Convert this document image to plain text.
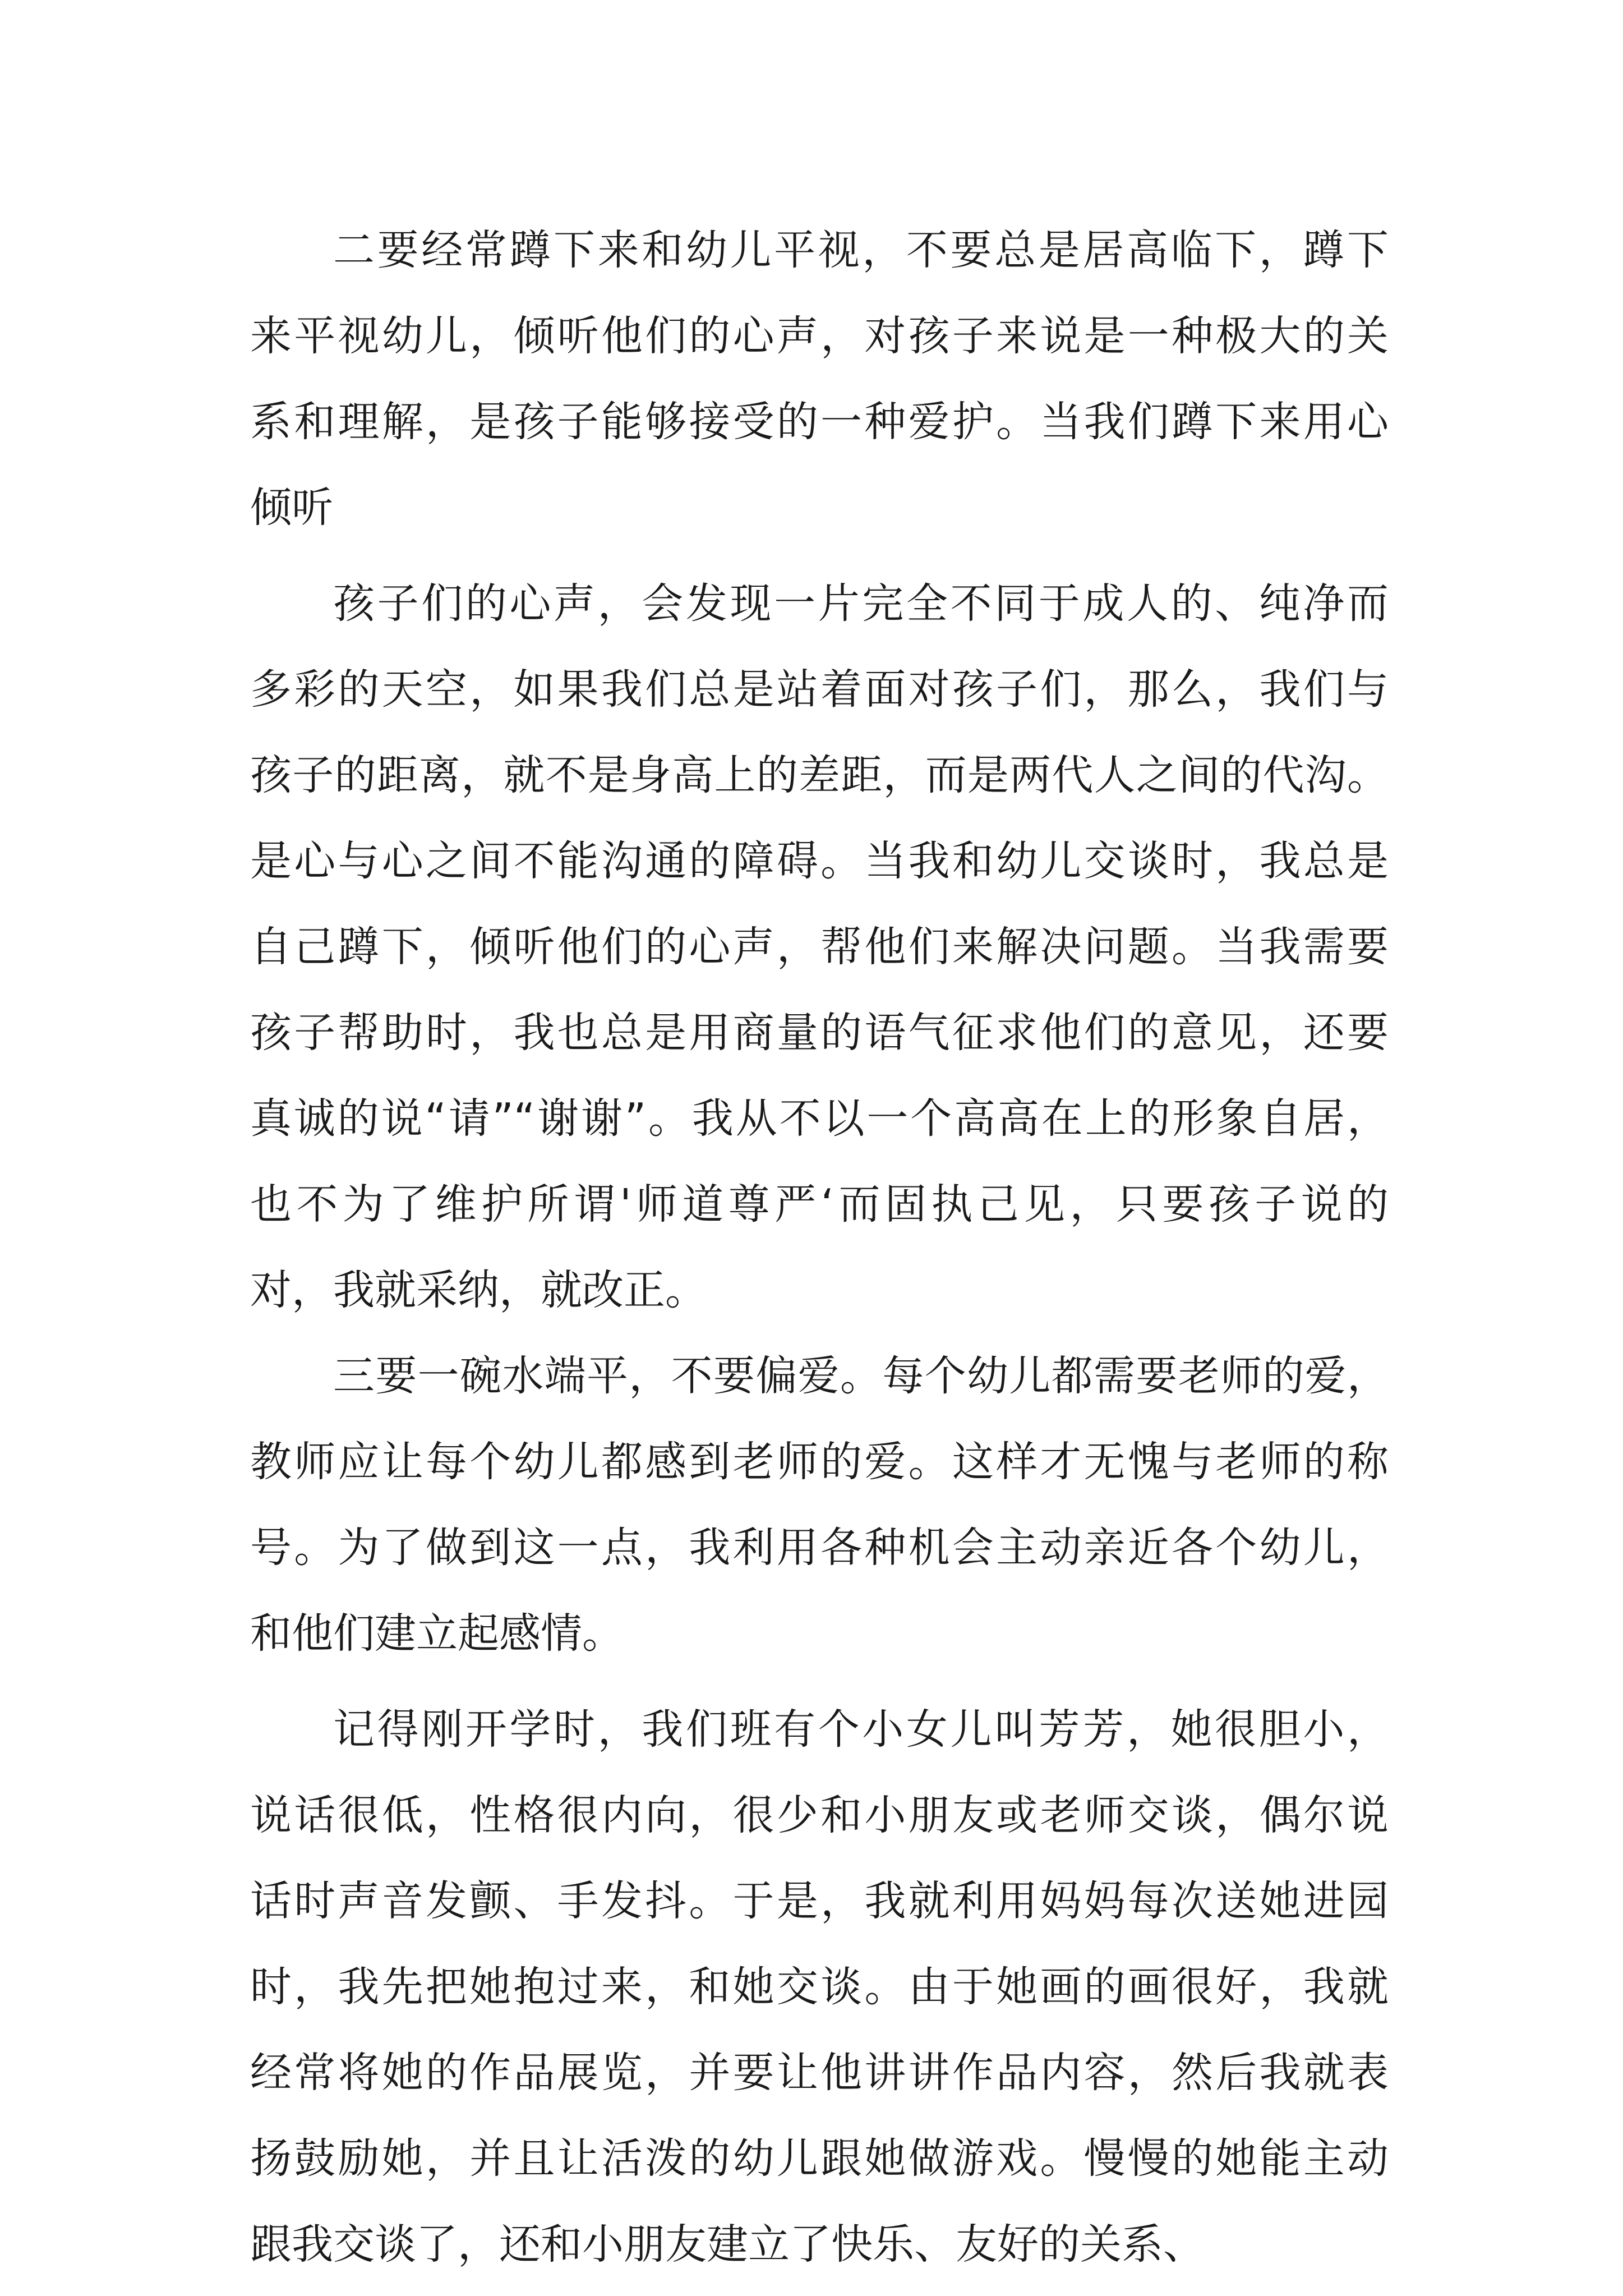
二要经常蹲下来和幼儿平视，不要总是居高临下，蹲下
来平视幼儿，倾听他们的心声，对孩子来说是一种极大的关
系和理解，是孩子能够接受的一种爱护。当我们蹲下来用心
倾听
孩子们的心声，会发现一片完全不同于成人的、纯净而
多彩的天空，如果我们总是站着面对孩子们，那么，我们与
孩子的距离，就不是身高上的差距，而是两代人之间的代沟。
是心与心之间不能沟通的障碍。当我和幼儿交谈时，我总是
自己蹲下，倾听他们的心声，帮他们来解决问题。当我需要
孩子帮助时，我也总是用商量的语气征求他们的意见，还要
真诚的说“请”“谢谢”。我从不以一个高高在上的形象自居，
也不为了维护所谓'师道尊严‘而固执己见，只要孩子说的
对，我就采纳，就改正。
三要一碗水端平，不要偏爱。每个幼儿都需要老师的爱，
教师应让每个幼儿都感到老师的爱。这样才无愧与老师的称
号。为了做到这一点，我利用各种机会主动亲近各个幼儿，
和他们建立起感情。
记得刚开学时，我们班有个小女儿叫芳芳，她很胆小，
说话很低，性格很内向，很少和小朋友或老师交谈，偶尔说
话时声音发颤、手发抖。于是，我就利用妈妈每次送她进园
时，我先把她抱过来，和她交谈。由于她画的画很好，我就
经常将她的作品展览，并要让他讲讲作品内容，然后我就表
扬鼓励她，并且让活泼的幼儿跟她做游戏。慢慢的她能主动
跟我交谈了，还和小朋友建立了快乐、友好的关系、
